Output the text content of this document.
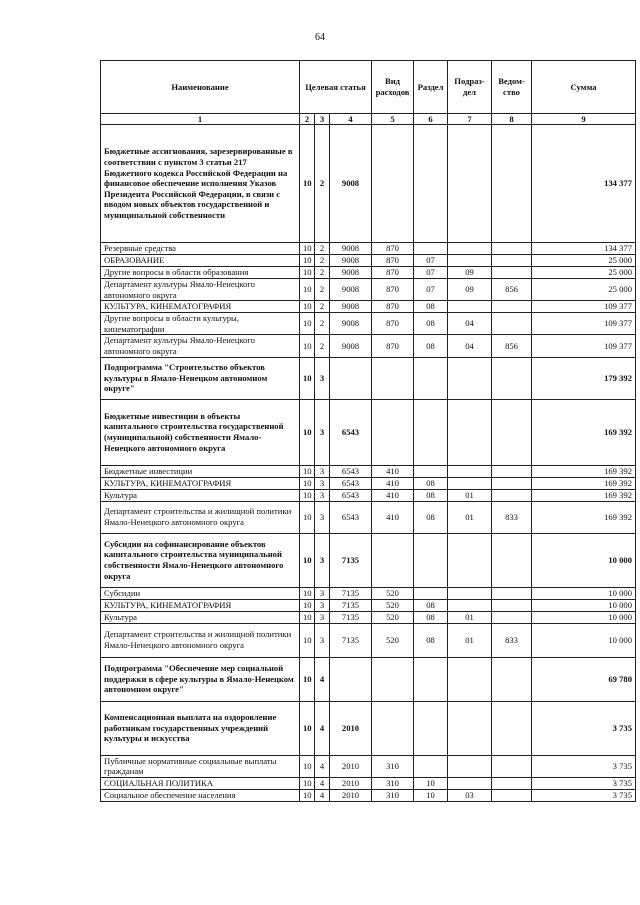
64
Наименование	Целевая статья			Вид расходов	Раздел	Подраз-дел	Ведом-ство	Сумма
1	2	3	4	5	6	7	8	9
Бюджетные ассигнования, зарезервированные в соответствии с пунктом 3 статьи 217 Бюджетного кодекса Российской Федерации на финансовое обеспечение исполнения Указов Президента Российской Федерации, в связи с вводом новых объектов государственной и муниципальной собственности	10	2	9008					134 377
Резервные средства	10	2	9008	870				134 377
ОБРАЗОВАНИЕ	10	2	9008	870	07			25 000
Другие вопросы в области образования	10	2	9008	870	07	09		25 000
Департамент культуры Ямало-Ненецкого автономного округа	10	2	9008	870	07	09	856	25 000
КУЛЬТУРА, КИНЕМАТОГРАФИЯ	10	2	9008	870	08			109 377
Другие вопросы в области культуры, кинематографии	10	2	9008	870	08	04		109 377
Департамент культуры Ямало-Ненецкого автономного округа	10	2	9008	870	08	04	856	109 377
Подпрограмма "Строительство объектов культуры в Ямало-Ненецком автономном округе"	10	3						179 392
Бюджетные инвестиции в объекты капитального строительства государственной (муниципальной) собственности Ямало-Ненецкого автономного округа	10	3	6543					169 392
Бюджетные инвестиции	10	3	6543	410				169 392
КУЛЬТУРА, КИНЕМАТОГРАФИЯ	10	3	6543	410	08			169 392
Культура	10	3	6543	410	08	01		169 392
Департамент строительства и жилищной политики Ямало-Ненецкого автономного округа	10	3	6543	410	08	01	833	169 392
Субсидии на софинансирование объектов капитального строительства муниципальной собственности Ямало-Ненецкого автономного округа	10	3	7135					10 000
Субсидии	10	3	7135	520				10 000
КУЛЬТУРА, КИНЕМАТОГРАФИЯ	10	3	7135	520	08			10 000
Культура	10	3	7135	520	08	01		10 000
Департамент строительства и жилищной политики Ямало-Ненецкого автономного округа	10	3	7135	520	08	01	833	10 000
Подпрограмма "Обеспечение мер социальной поддержки в сфере культуры в Ямало-Ненецком автономном округе"	10	4						69 780
Компенсационная выплата на оздоровление работникам государственных учреждений культуры и искусства	10	4	2010					3 735
Публичные нормативные социальные выплаты гражданам	10	4	2010	310				3 735
СОЦИАЛЬНАЯ ПОЛИТИКА	10	4	2010	310	10			3 735
Социальное обеспечение населения	10	4	2010	310	10	03		3 735
